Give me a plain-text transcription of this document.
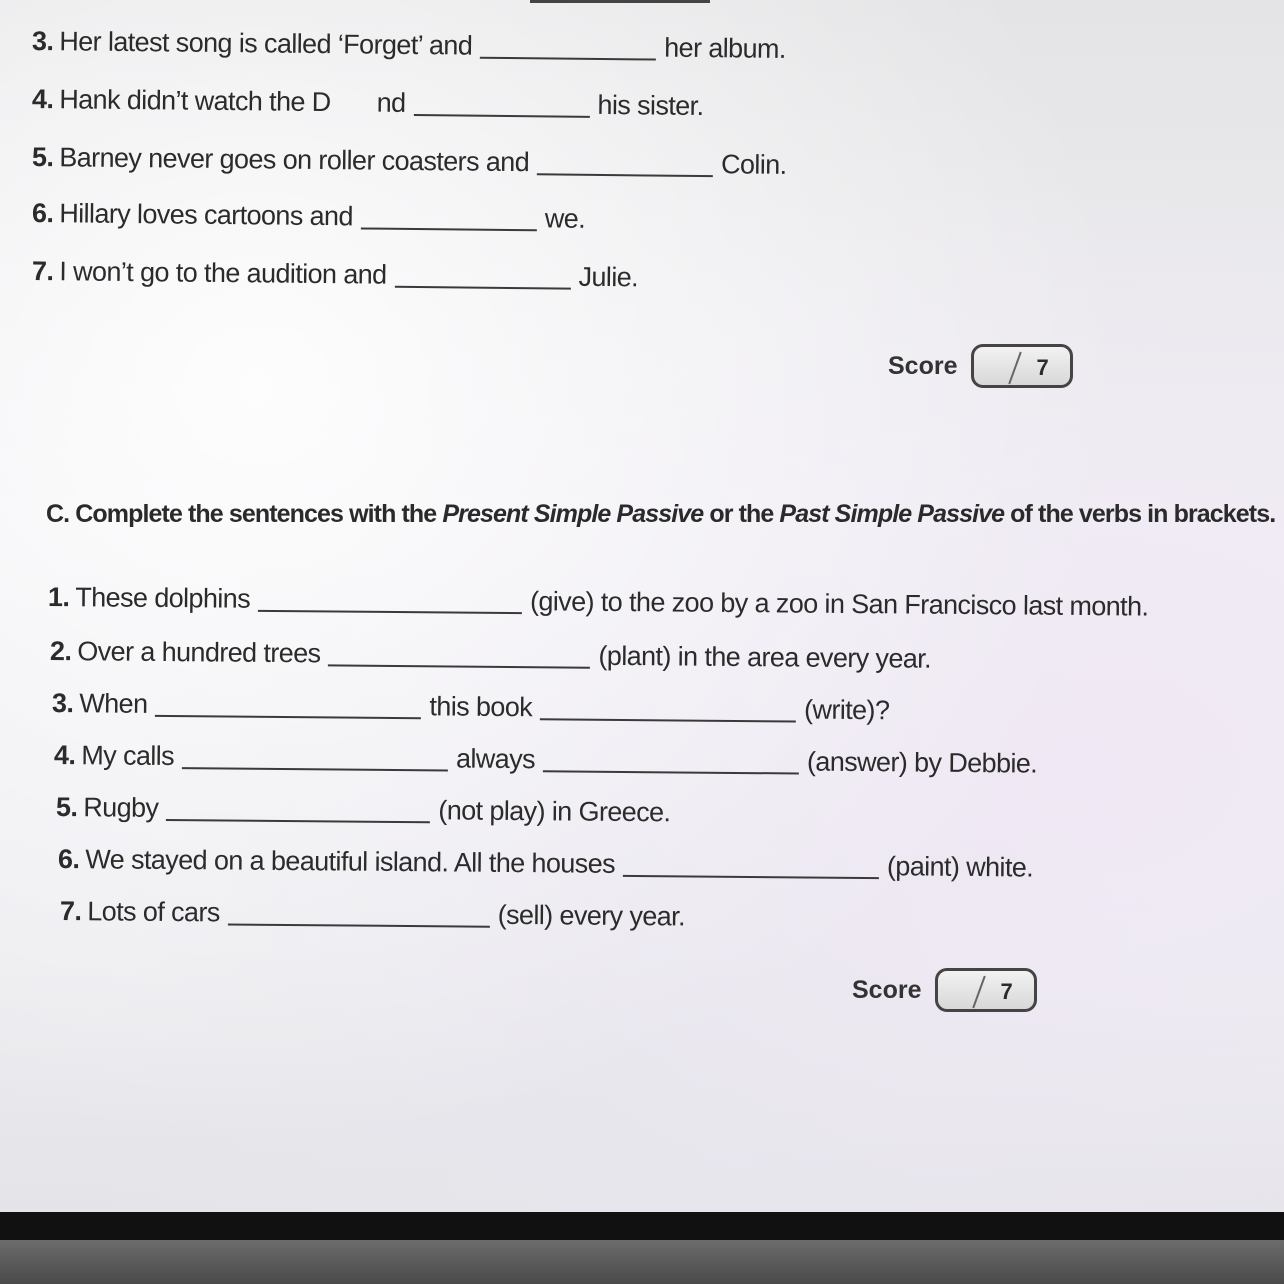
3. Her latest song is called ‘Forget’ and	her album.
4. Hank didn’t watch the D nd	his sister.
5. Barney never goes on roller coasters and	Colin.
6. Hillary loves cartoons and	we.
7. I won’t go to the audition and	Julie.
Score	7
C. Complete the sentences with the Present Simple Passive or the Past Simple Passive of the verbs in brackets.
1. These dolphins	(give) to the zoo by a zoo in San Francisco last month.
2. Over a hundred trees	(plant) in the area every year.
3. When	this book	(write)?
4. My calls	always	(answer) by Debbie.
5. Rugby	(not play) in Greece.
6. We stayed on a beautiful island. All the houses	(paint) white.
7. Lots of cars	(sell) every year.
Score	7
